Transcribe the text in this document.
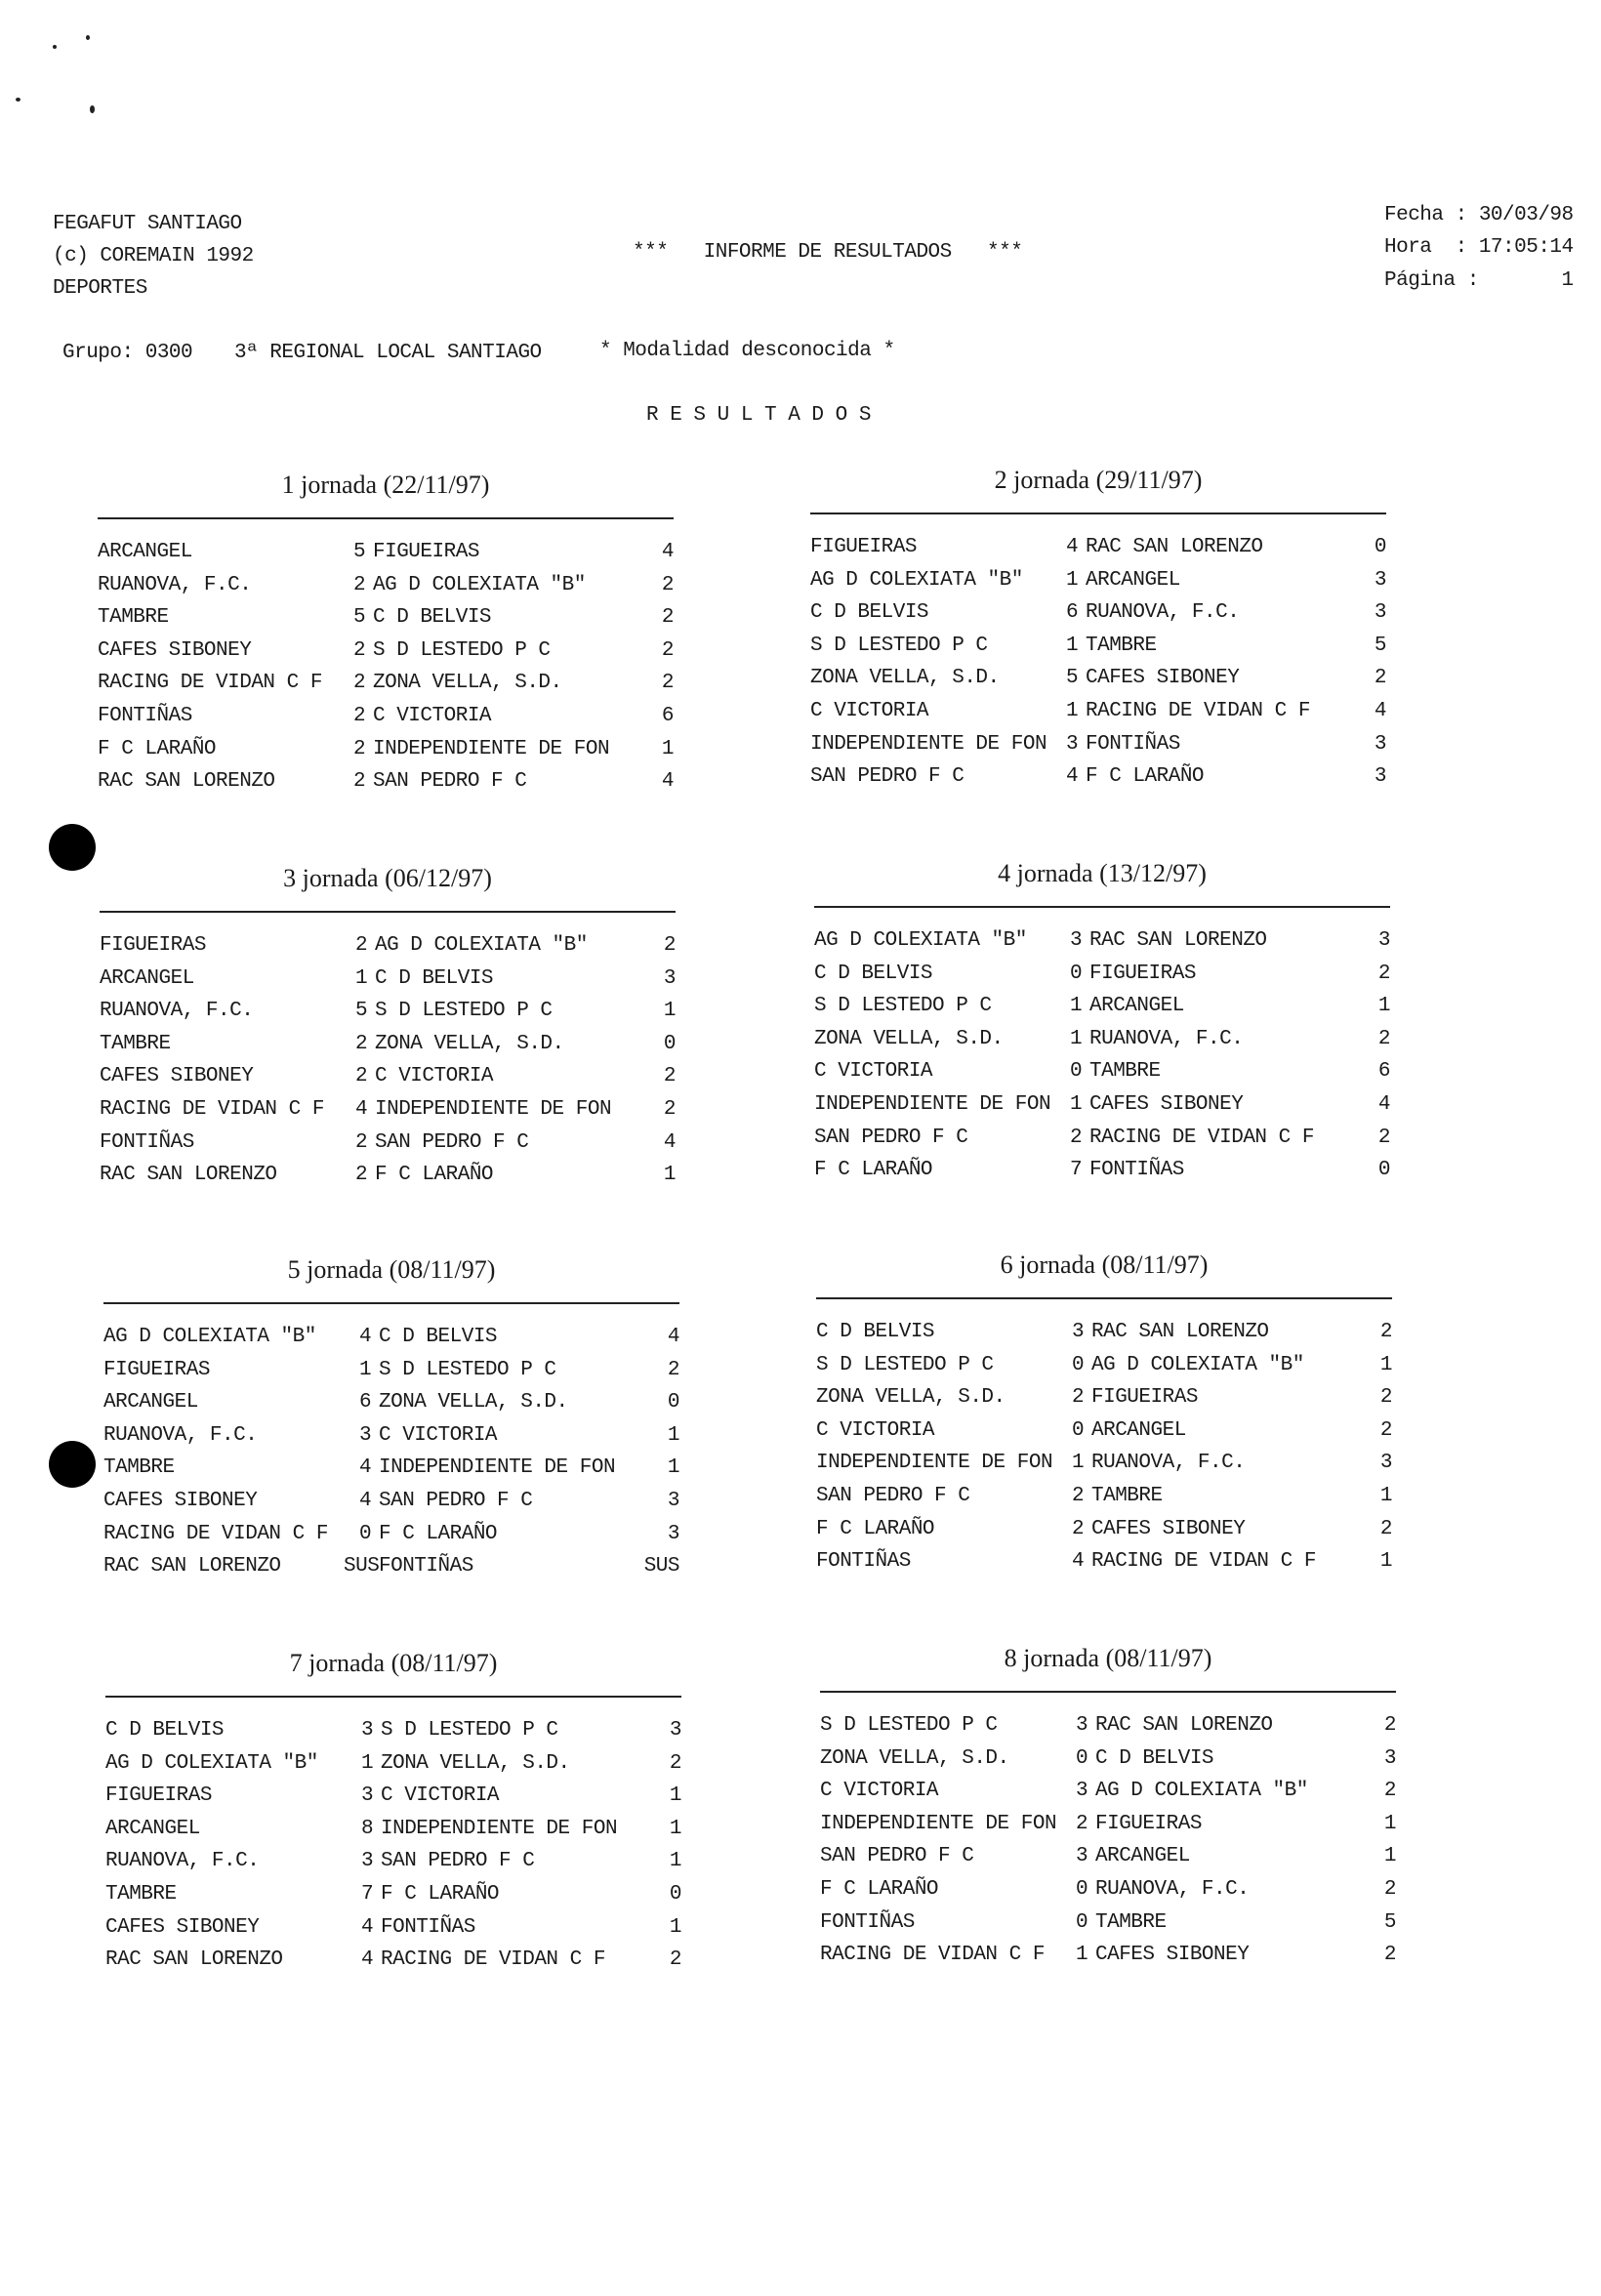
FEGAFUT SANTIAGO
(c) COREMAIN 1992
DEPORTES
***   INFORME DE RESULTADOS   ***
Fecha : 30/03/98
Hora  : 17:05:14
Página :       1
Grupo: 0300 3ª REGIONAL LOCAL SANTIAGO	* Modalidad desconocida *
R E S U L T A D O S
1 jornada (22/11/97)
ARCANGEL	5 FIGUEIRAS	4
RUANOVA, F.C.	2 AG D COLEXIATA "B"	2
TAMBRE	5 C D BELVIS	2
CAFES SIBONEY	2 S D LESTEDO P C	2
RACING DE VIDAN C F 2 ZONA VELLA, S.D.	2
FONTIÑAS	2 C VICTORIA	6
F C LARAÑO	2 INDEPENDIENTE DE FON	1
RAC SAN LORENZO	2 SAN PEDRO F C	4
2 jornada (29/11/97)
FIGUEIRAS	4 RAC SAN LORENZO	0
AG D COLEXIATA "B" 1 ARCANGEL	3
C D BELVIS	6 RUANOVA, F.C.	3
S D LESTEDO P C	1 TAMBRE	5
ZONA VELLA, S.D.	5 CAFES SIBONEY	2
C VICTORIA	1 RACING DE VIDAN C F	4
INDEPENDIENTE DE FON 3 FONTIÑAS	3
SAN PEDRO F C	4 F C LARAÑO	3
3 jornada (06/12/97)
FIGUEIRAS	2 AG D COLEXIATA "B"	2
ARCANGEL	1 C D BELVIS	3
RUANOVA, F.C.	5 S D LESTEDO P C	1
TAMBRE	2 ZONA VELLA, S.D.	0
CAFES SIBONEY	2 C VICTORIA	2
RACING DE VIDAN C F 4 INDEPENDIENTE DE FON	2
FONTIÑAS	2 SAN PEDRO F C	4
RAC SAN LORENZO	2 F C LARAÑO	1
4 jornada (13/12/97)
AG D COLEXIATA "B" 3 RAC SAN LORENZO	3
C D BELVIS	0 FIGUEIRAS	2
S D LESTEDO P C	1 ARCANGEL	1
ZONA VELLA, S.D.	1 RUANOVA, F.C.	2
C VICTORIA	0 TAMBRE	6
INDEPENDIENTE DE FON 1 CAFES SIBONEY	4
SAN PEDRO F C	2 RACING DE VIDAN C F	2
F C LARAÑO	7 FONTIÑAS	0
5 jornada (08/11/97)
AG D COLEXIATA "B" 4 C D BELVIS	4
FIGUEIRAS	1 S D LESTEDO P C	2
ARCANGEL	6 ZONA VELLA, S.D.	0
RUANOVA, F.C.	3 C VICTORIA	1
TAMBRE	4 INDEPENDIENTE DE FON	1
CAFES SIBONEY	4 SAN PEDRO F C	3
RACING DE VIDAN C F 0 F C LARAÑO	3
RAC SAN LORENZO	SUS FONTIÑAS	SUS
6 jornada (08/11/97)
C D BELVIS	3 RAC SAN LORENZO	2
S D LESTEDO P C	0 AG D COLEXIATA "B"	1
ZONA VELLA, S.D.	2 FIGUEIRAS	2
C VICTORIA	0 ARCANGEL	2
INDEPENDIENTE DE FON 1 RUANOVA, F.C.	3
SAN PEDRO F C	2 TAMBRE	1
F C LARAÑO	2 CAFES SIBONEY	2
FONTIÑAS	4 RACING DE VIDAN C F	1
7 jornada (08/11/97)
C D BELVIS	3 S D LESTEDO P C	3
AG D COLEXIATA "B" 1 ZONA VELLA, S.D.	2
FIGUEIRAS	3 C VICTORIA	1
ARCANGEL	8 INDEPENDIENTE DE FON	1
RUANOVA, F.C.	3 SAN PEDRO F C	1
TAMBRE	7 F C LARAÑO	0
CAFES SIBONEY	4 FONTIÑAS	1
RAC SAN LORENZO	4 RACING DE VIDAN C F	2
8 jornada (08/11/97)
S D LESTEDO P C	3 RAC SAN LORENZO	2
ZONA VELLA, S.D.	0 C D BELVIS	3
C VICTORIA	3 AG D COLEXIATA "B"	2
INDEPENDIENTE DE FON 2 FIGUEIRAS	1
SAN PEDRO F C	3 ARCANGEL	1
F C LARAÑO	0 RUANOVA, F.C.	2
FONTIÑAS	0 TAMBRE	5
RACING DE VIDAN C F 1 CAFES SIBONEY	2
